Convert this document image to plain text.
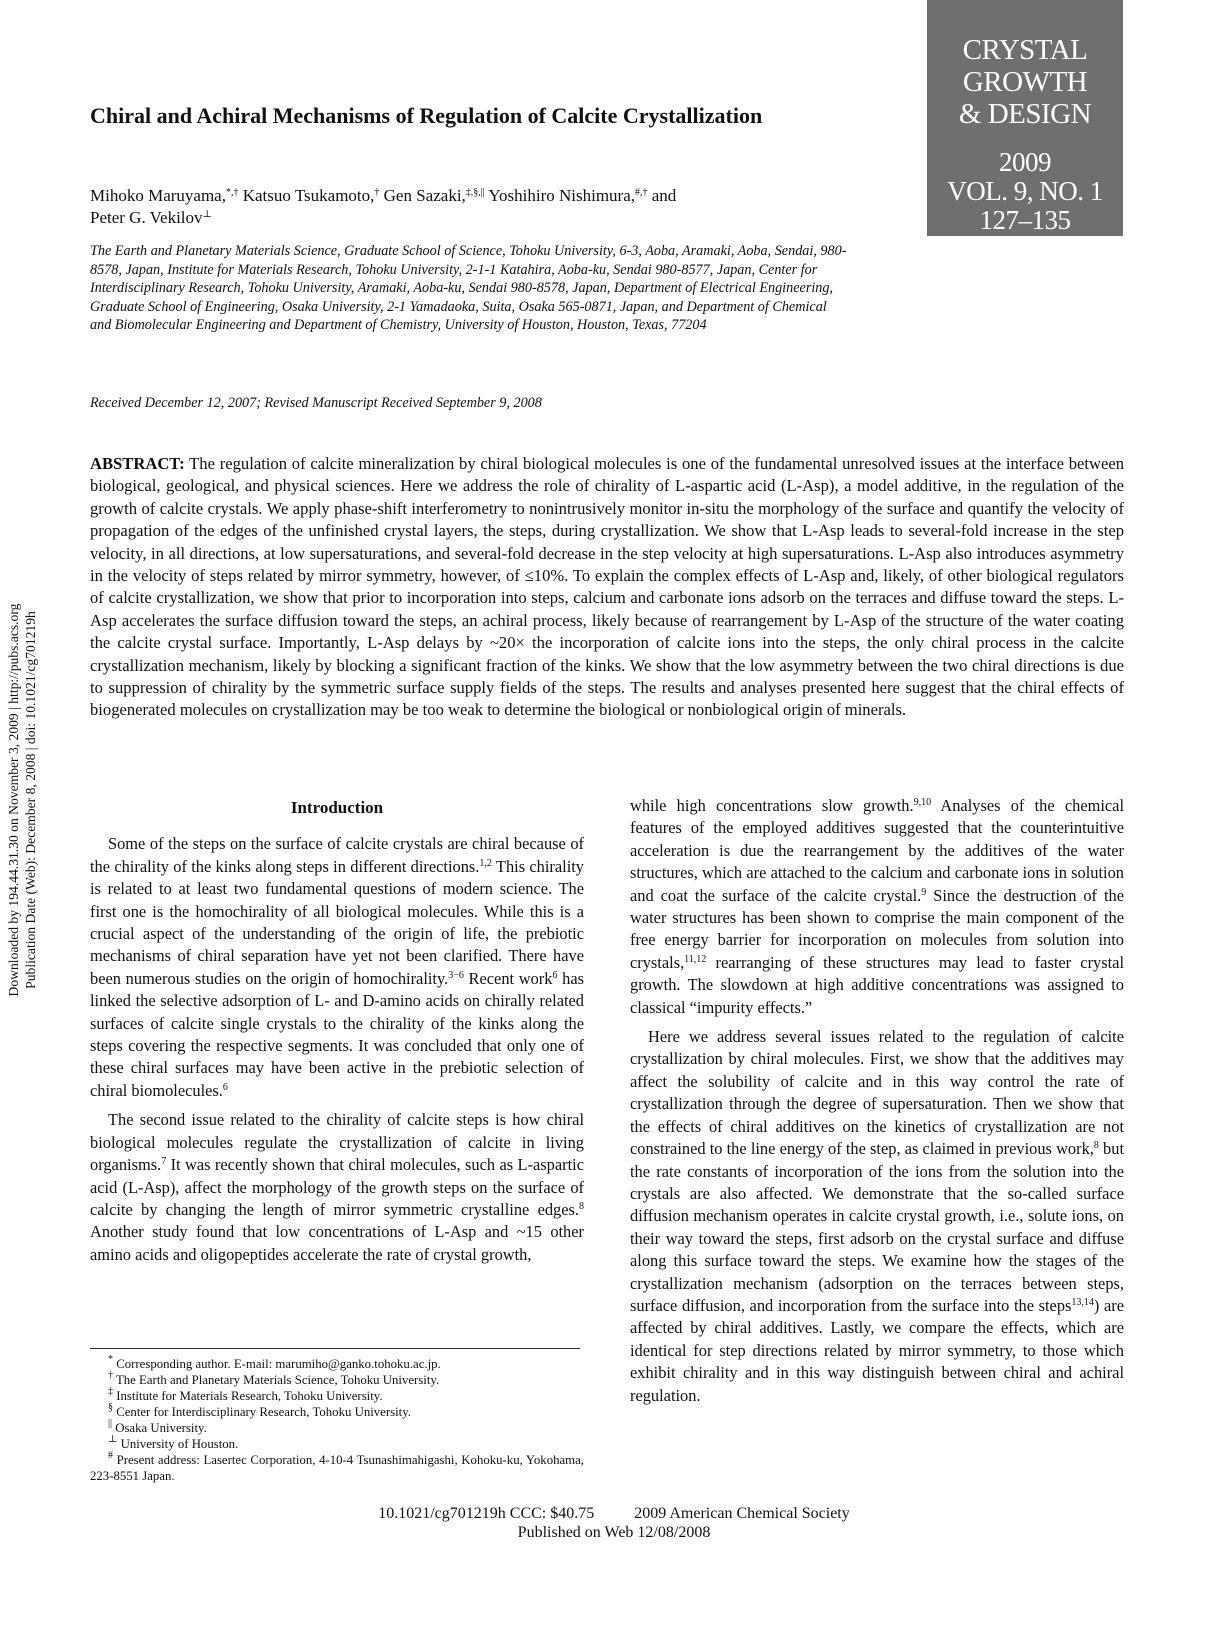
CRYSTAL
GROWTH
& DESIGN
2009
VOL. 9, NO. 1
127–135
Chiral and Achiral Mechanisms of Regulation of Calcite Crystallization
Mihoko Maruyama,*,† Katsuo Tsukamoto,† Gen Sazaki,‡,§,|| Yoshihiro Nishimura,#,† and
Peter G. Vekilov⊥
The Earth and Planetary Materials Science, Graduate School of Science, Tohoku University, 6-3, Aoba, Aramaki, Aoba, Sendai, 980-8578, Japan, Institute for Materials Research, Tohoku University, 2-1-1 Katahira, Aoba-ku, Sendai 980-8577, Japan, Center for Interdisciplinary Research, Tohoku University, Aramaki, Aoba-ku, Sendai 980-8578, Japan, Department of Electrical Engineering, Graduate School of Engineering, Osaka University, 2-1 Yamadaoka, Suita, Osaka 565-0871, Japan, and Department of Chemical and Biomolecular Engineering and Department of Chemistry, University of Houston, Houston, Texas, 77204
Received December 12, 2007; Revised Manuscript Received September 9, 2008
ABSTRACT: The regulation of calcite mineralization by chiral biological molecules is one of the fundamental unresolved issues at the interface between biological, geological, and physical sciences. Here we address the role of chirality of L-aspartic acid (L-Asp), a model additive, in the regulation of the growth of calcite crystals. We apply phase-shift interferometry to nonintrusively monitor in-situ the morphology of the surface and quantify the velocity of propagation of the edges of the unfinished crystal layers, the steps, during crystallization. We show that L-Asp leads to several-fold increase in the step velocity, in all directions, at low supersaturations, and several-fold decrease in the step velocity at high supersaturations. L-Asp also introduces asymmetry in the velocity of steps related by mirror symmetry, however, of ≤10%. To explain the complex effects of L-Asp and, likely, of other biological regulators of calcite crystallization, we show that prior to incorporation into steps, calcium and carbonate ions adsorb on the terraces and diffuse toward the steps. L-Asp accelerates the surface diffusion toward the steps, an achiral process, likely because of rearrangement by L-Asp of the structure of the water coating the calcite crystal surface. Importantly, L-Asp delays by ~20× the incorporation of calcite ions into the steps, the only chiral process in the calcite crystallization mechanism, likely by blocking a significant fraction of the kinks. We show that the low asymmetry between the two chiral directions is due to suppression of chirality by the symmetric surface supply fields of the steps. The results and analyses presented here suggest that the chiral effects of biogenerated molecules on crystallization may be too weak to determine the biological or nonbiological origin of minerals.
Downloaded by 194.44.31.30 on November 3, 2009 | http://pubs.acs.org Publication Date (Web): December 8, 2008 | doi: 10.1021/cg701219h	Introduction

Some of the steps on the surface of calcite crystals are chiral because of the chirality of the kinks along steps in different directions.$^{1,2}$ This chirality is related to at least two fundamental questions of modern science. The first one is the homochirality of all biological molecules. While this is a crucial aspect of the understanding of the origin of life, the prebiotic mechanisms of chiral separation have yet not been clarified. There have been numerous studies on the origin of homochirality.$^{3-6}$ Recent work$^6$ has linked the selective adsorption of L- and D-amino acids on chirally related surfaces of calcite single crystals to the chirality of the kinks along the steps covering the respective segments. It was concluded that only one of these chiral surfaces may have been active in the prebiotic selection of chiral biomolecules.$^6$

The second issue related to the chirality of calcite steps is how chiral biological molecules regulate the crystallization of calcite in living organisms.$^7$ It was recently shown that chiral molecules, such as L-aspartic acid (L-Asp), affect the morphology of the growth steps on the surface of calcite by changing the length of mirror symmetric crystalline edges.$^8$ Another study found that low concentrations of L-Asp and ~15 other amino acids and oligopeptides accelerate the rate of crystal growth,

* Corresponding author. E-mail: marumiho@ganko.tohoku.ac.jp.
† The Earth and Planetary Materials Science, Tohoku University.
‡ Institute for Materials Research, Tohoku University.
§ Center for Interdisciplinary Research, Tohoku University.
|| Osaka University.
⊥ University of Houston.
# Present address: Lasertec Corporation, 4-10-4 Tsunashimahigashi, Kohoku-ku, Yokohama, 223-8551 Japan.

while high concentrations slow growth.$^{9,10}$ Analyses of the chemical features of the employed additives suggested that the counterintuitive acceleration is due the rearrangement by the additives of the water structures, which are attached to the calcium and carbonate ions in solution and coat the surface of the calcite crystal.$^9$ Since the destruction of the water structures has been shown to comprise the main component of the free energy barrier for incorporation on molecules from solution into crystals,$^{11,12}$ rearranging of these structures may lead to faster crystal growth. The slowdown at high additive concentrations was assigned to classical “impurity effects.”

Here we address several issues related to the regulation of calcite crystallization by chiral molecules. First, we show that the additives may affect the solubility of calcite and in this way control the rate of crystallization through the degree of supersaturation. Then we show that the effects of chiral additives on the kinetics of crystallization are not constrained to the line energy of the step, as claimed in previous work,$^8$ but the rate constants of incorporation of the ions from the solution into the crystals are also affected. We demonstrate that the so-called surface diffusion mechanism operates in calcite crystal growth, i.e., solute ions, on their way toward the steps, first adsorb on the crystal surface and diffuse along this surface toward the steps. We examine how the stages of the crystallization mechanism (adsorption on the terraces between steps, surface diffusion, and incorporation from the surface into the steps$^{13,14}$) are affected by chiral additives. Lastly, we compare the effects, which are identical for step directions related by mirror symmetry, to those which exhibit chirality and in this way distinguish between chiral and achiral regulation.

10.1021/cg701219h CCC: $40.75	2009 American Chemical Society
Published on Web 12/08/2008
